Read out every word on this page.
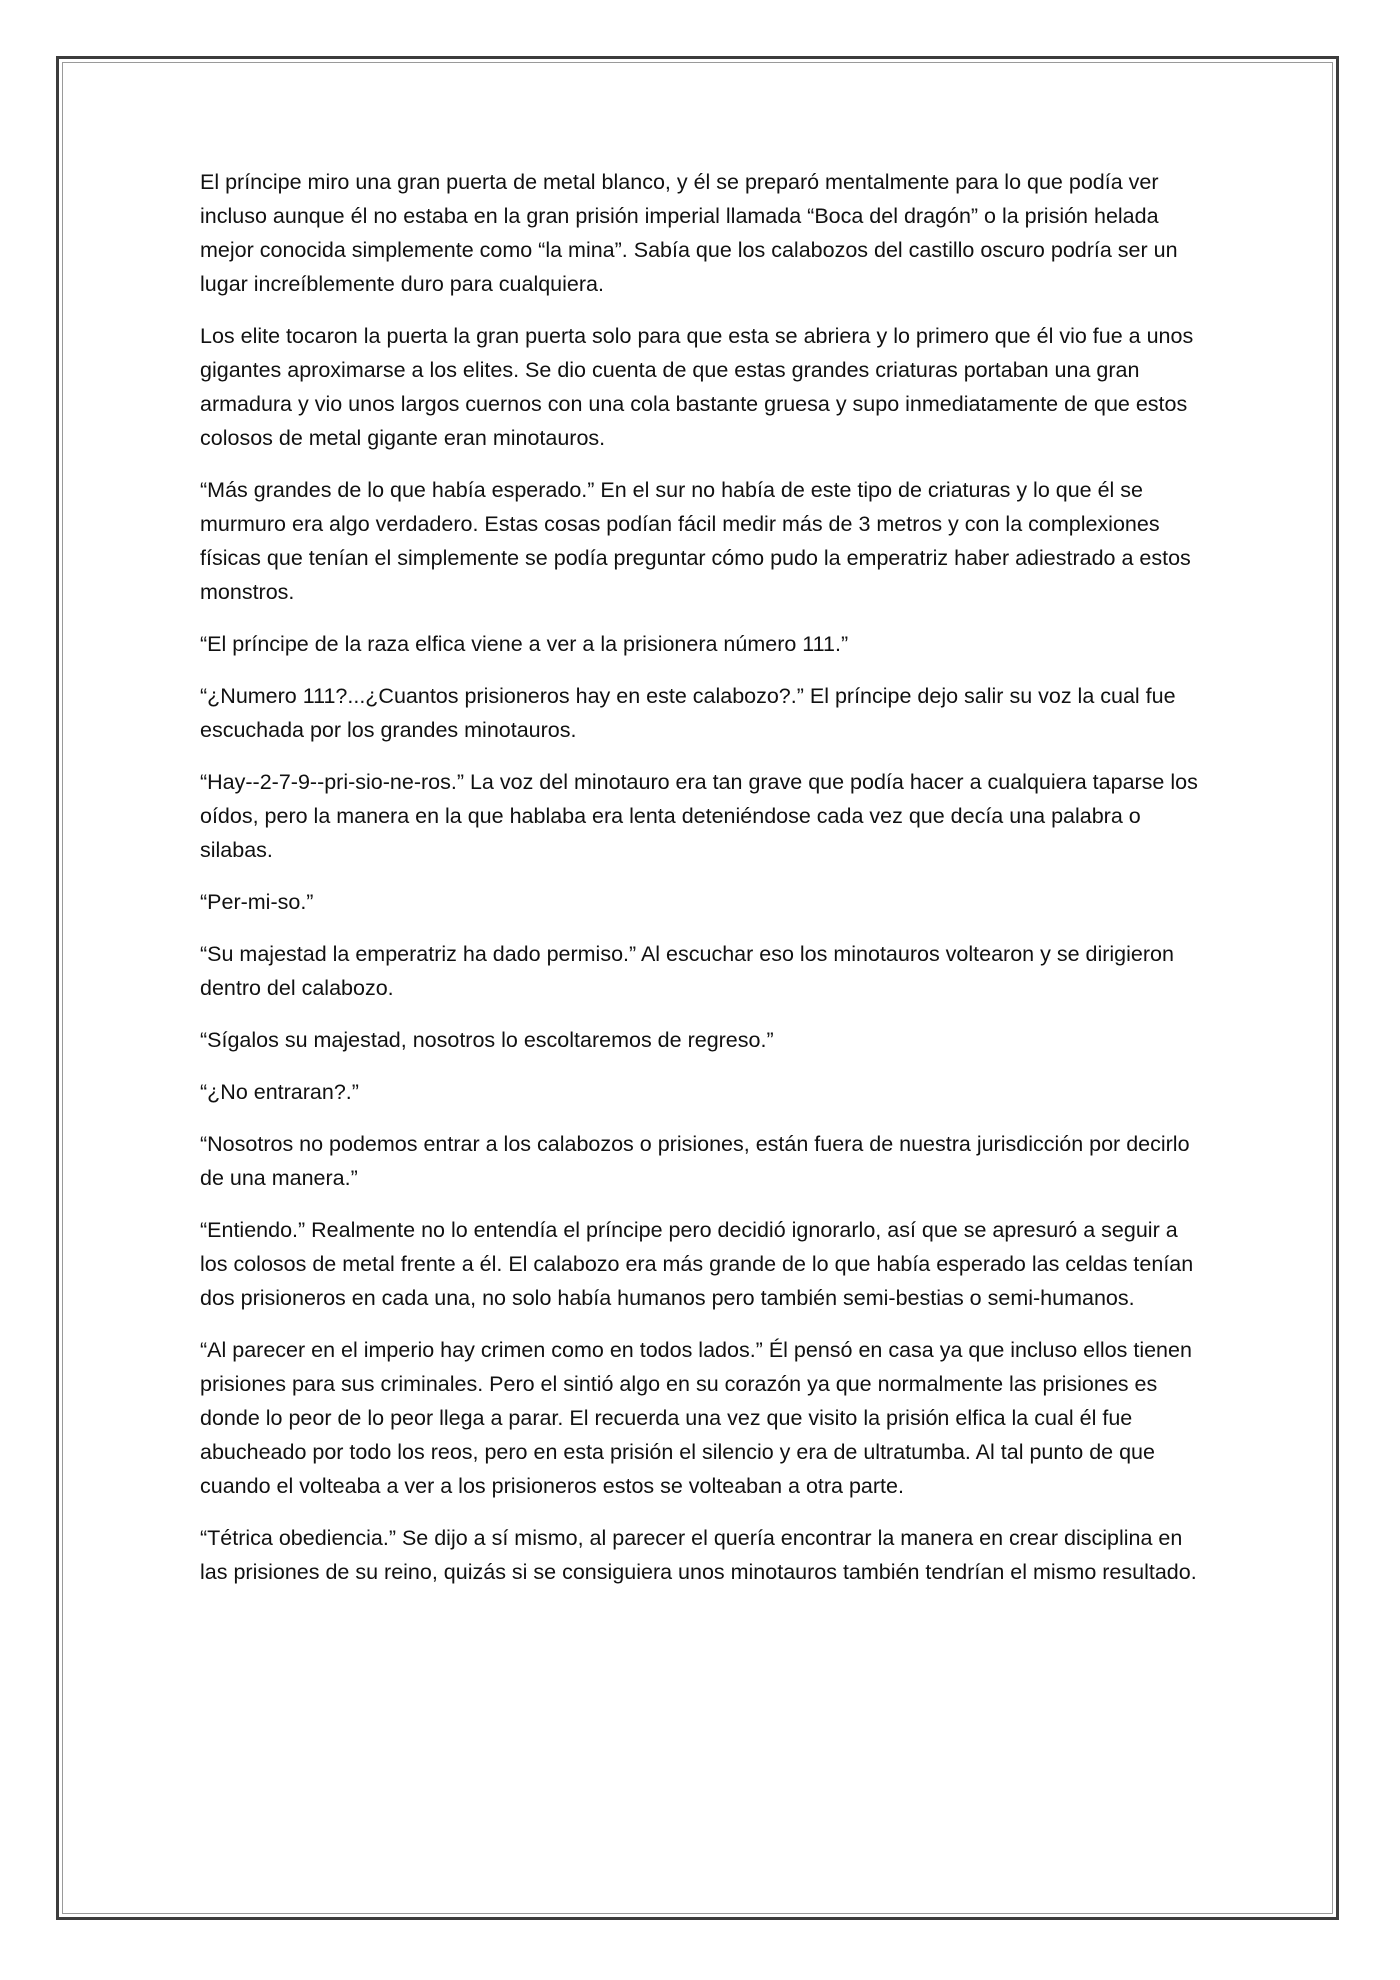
El príncipe miro una gran puerta de metal blanco, y él se preparó mentalmente para lo que podía ver incluso aunque él no estaba en la gran prisión imperial llamada “Boca del dragón” o la prisión helada mejor conocida simplemente como “la mina”. Sabía que los calabozos del castillo oscuro podría ser un lugar increíblemente duro para cualquiera.

Los elite tocaron la puerta la gran puerta solo para que esta se abriera y lo primero que él vio fue a unos gigantes aproximarse a los elites. Se dio cuenta de que estas grandes criaturas portaban una gran armadura y vio unos largos cuernos con una cola bastante gruesa y supo inmediatamente de que estos colosos de metal gigante eran minotauros.

“Más grandes de lo que había esperado.” En el sur no había de este tipo de criaturas y lo que él se murmuro era algo verdadero. Estas cosas podían fácil medir más de 3 metros y con la complexiones físicas que tenían el simplemente se podía preguntar cómo pudo la emperatriz haber adiestrado a estos monstros.

“El príncipe de la raza elfica viene a ver a la prisionera número 111.”

“¿Numero 111?...¿Cuantos prisioneros hay en este calabozo?.” El príncipe dejo salir su voz la cual fue escuchada por los grandes minotauros.

“Hay--2-7-9--pri-sio-ne-ros.” La voz del minotauro era tan grave que podía hacer a cualquiera taparse los oídos, pero la manera en la que hablaba era lenta deteniéndose cada vez que decía una palabra o silabas.

“Per-mi-so.”

“Su majestad la emperatriz ha dado permiso.” Al escuchar eso los minotauros voltearon y se dirigieron dentro del calabozo.

“Sígalos su majestad, nosotros lo escoltaremos de regreso.”

“¿No entraran?.”

“Nosotros no podemos entrar a los calabozos o prisiones, están fuera de nuestra jurisdicción por decirlo de una manera.”

“Entiendo.” Realmente no lo entendía el príncipe pero decidió ignorarlo, así que se apresuró a seguir a los colosos de metal frente a él. El calabozo era más grande de lo que había esperado las celdas tenían dos prisioneros en cada una, no solo había humanos pero también semi-bestias o semi-humanos.

“Al parecer en el imperio hay crimen como en todos lados.” Él pensó en casa ya que incluso ellos tienen prisiones para sus criminales. Pero el sintió algo en su corazón ya que normalmente las prisiones es donde lo peor de lo peor llega a parar. El recuerda una vez que visito la prisión elfica la cual él fue abucheado por todo los reos, pero en esta prisión el silencio y era de ultratumba. Al tal punto de que cuando el volteaba a ver a los prisioneros estos se volteaban a otra parte.

“Tétrica obediencia.” Se dijo a sí mismo, al parecer el quería encontrar la manera en crear disciplina en las prisiones de su reino, quizás si se consiguiera unos minotauros también tendrían el mismo resultado.
